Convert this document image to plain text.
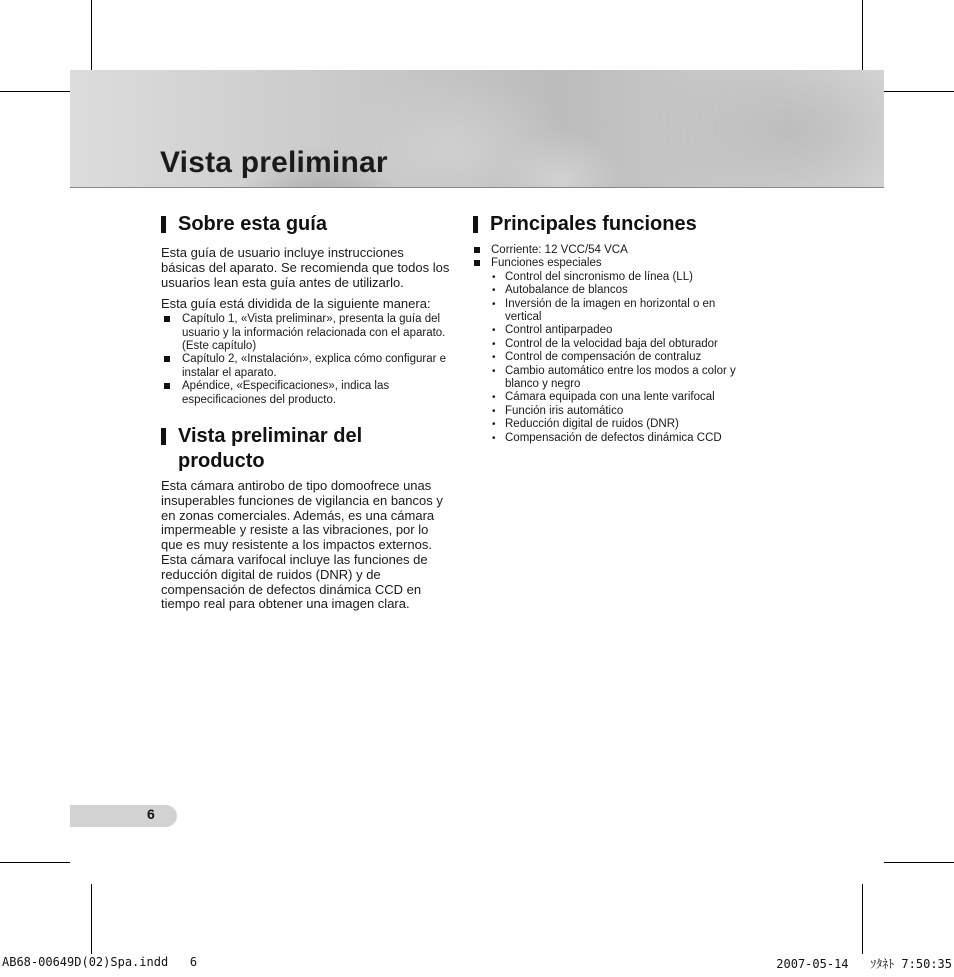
Vista preliminar
Sobre esta guía

Esta guía de usuario incluye instrucciones básicas del aparato. Se recomienda que todos los usuarios lean esta guía antes de utilizarlo.

Esta guía está dividida de la siguiente manera:

Capítulo 1, «Vista preliminar», presenta la guía del usuario y la información relacionada con el aparato. (Este capítulo)
Capítulo 2, «Instalación», explica cómo configurar e instalar el aparato.
Apéndice, «Especificaciones», indica las especificaciones del producto.
Vista preliminar del producto

Esta cámara antirobo de tipo domoofrece unas insuperables funciones de vigilancia en bancos y en zonas comerciales. Además, es una cámara impermeable y resiste a las vibraciones, por lo que es muy resistente a los impactos externos. Esta cámara varifocal incluye las funciones de reducción digital de ruidos (DNR) y de compensación de defectos dinámica CCD en tiempo real para obtener una imagen clara.

Principales funciones
Corriente: 12 VCC/54 VCA
Funciones especiales
• Control del sincronismo de línea (LL)
• Autobalance de blancos
• Inversión de la imagen en horizontal o en vertical
• Control antiparpadeo
• Control de la velocidad baja del obturador
• Control de compensación de contraluz
• Cambio automático entre los modos a color y blanco y negro
• Cámara equipada con una lente varifocal
• Función iris automático
• Reducción digital de ruidos (DNR)
• Compensación de defectos dinámica CCD
6
AB68-00649D(02)Spa.indd   6	2007-05-14   ｿﾀﾈﾄ 7:50:35
